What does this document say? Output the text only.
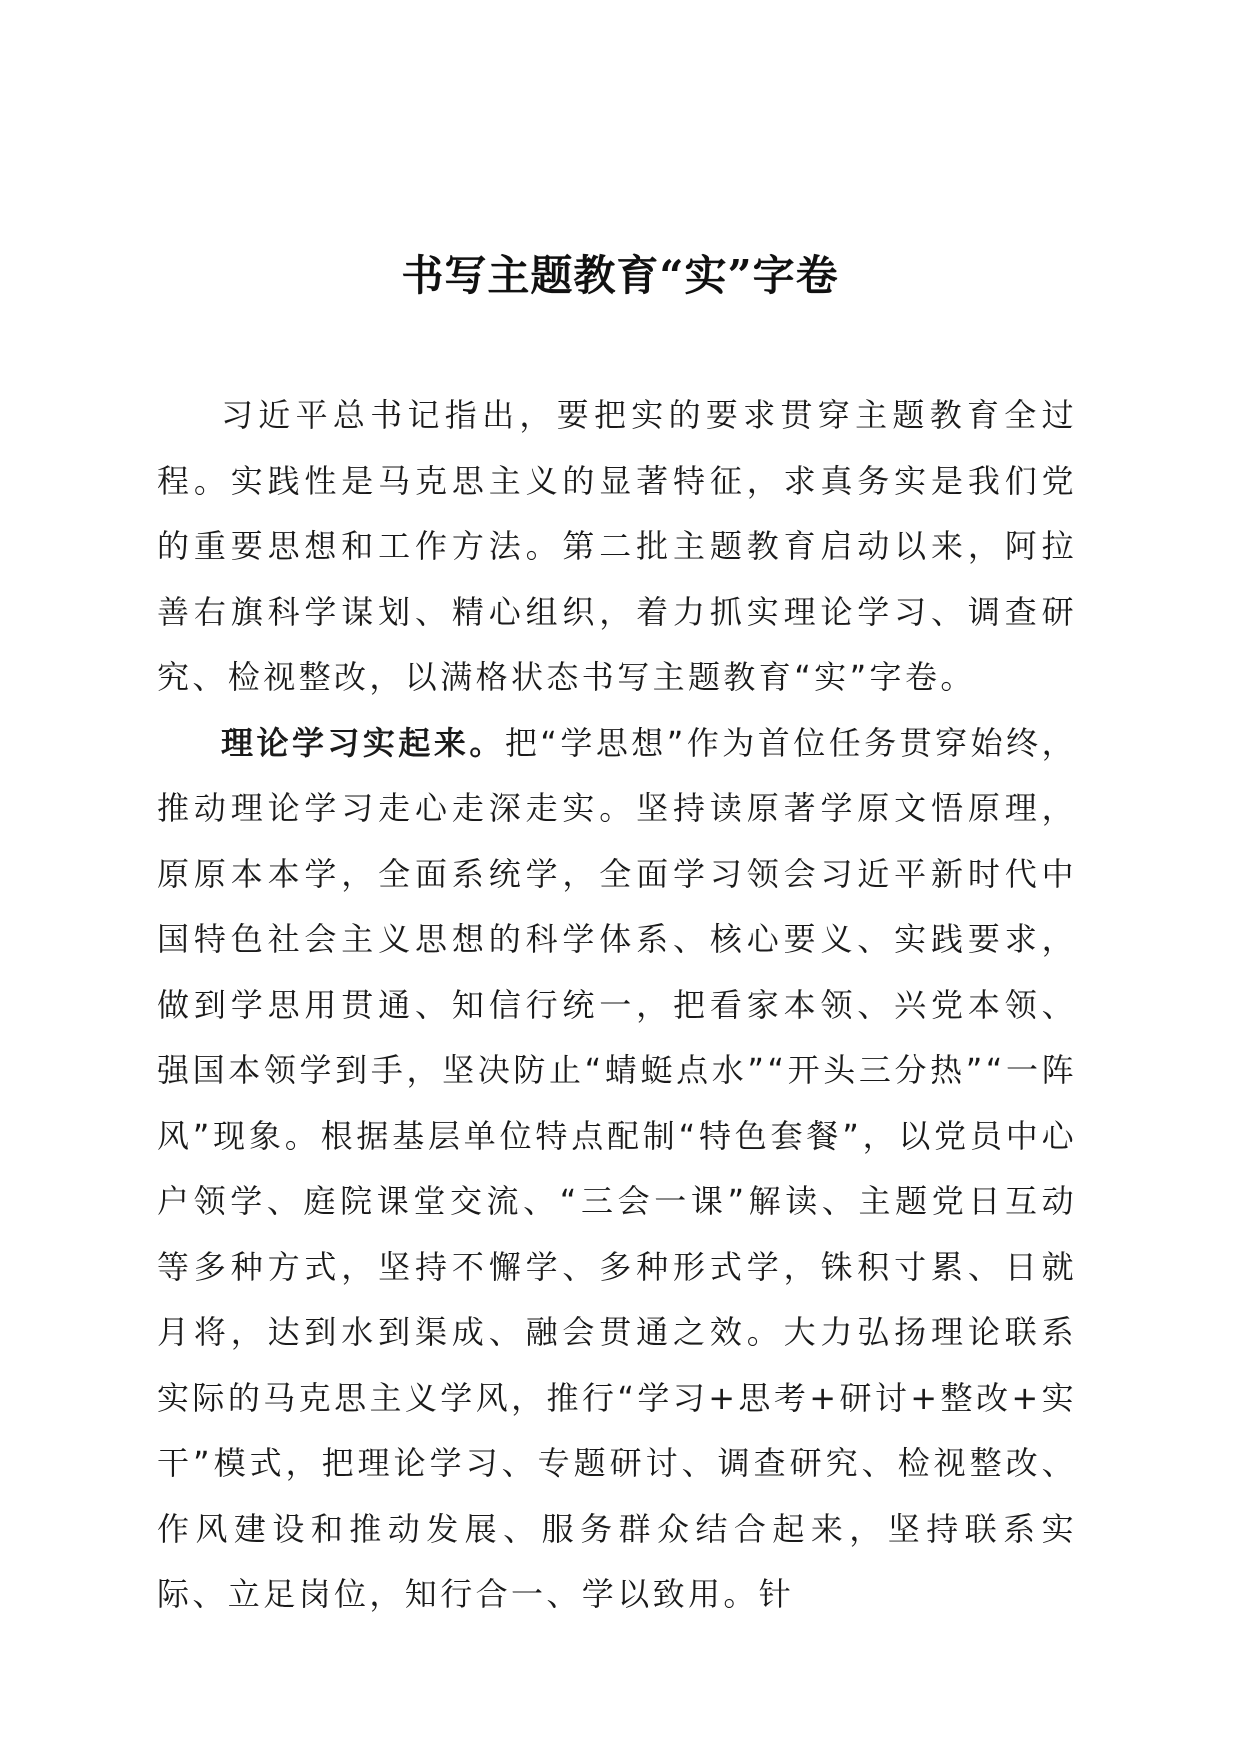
书写主题教育“实”字卷

习近平总书记指出，要把实的要求贯穿主题教育全过程。实践性是马克思主义的显著特征，求真务实是我们党的重要思想和工作方法。第二批主题教育启动以来，阿拉善右旗科学谋划、精心组织，着力抓实理论学习、调查研究、检视整改，以满格状态书写主题教育“实”字卷。

理论学习实起来。把“学思想”作为首位任务贯穿始终，推动理论学习走心走深走实。坚持读原著学原文悟原理，原原本本学，全面系统学，全面学习领会习近平新时代中国特色社会主义思想的科学体系、核心要义、实践要求，做到学思用贯通、知信行统一，把看家本领、兴党本领、强国本领学到手，坚决防止“蜻蜓点水”“开头三分热”“一阵风”现象。根据基层单位特点配制“特色套餐”，以党员中心户领学、庭院课堂交流、“三会一课”解读、主题党日互动等多种方式，坚持不懈学、多种形式学，铢积寸累、日就月将，达到水到渠成、融会贯通之效。大力弘扬理论联系实际的马克思主义学风，推行“学习+思考+研讨+整改+实干”模式，把理论学习、专题研讨、调查研究、检视整改、作风建设和推动发展、服务群众结合起来，坚持联系实际、立足岗位，知行合一、学以致用。针
